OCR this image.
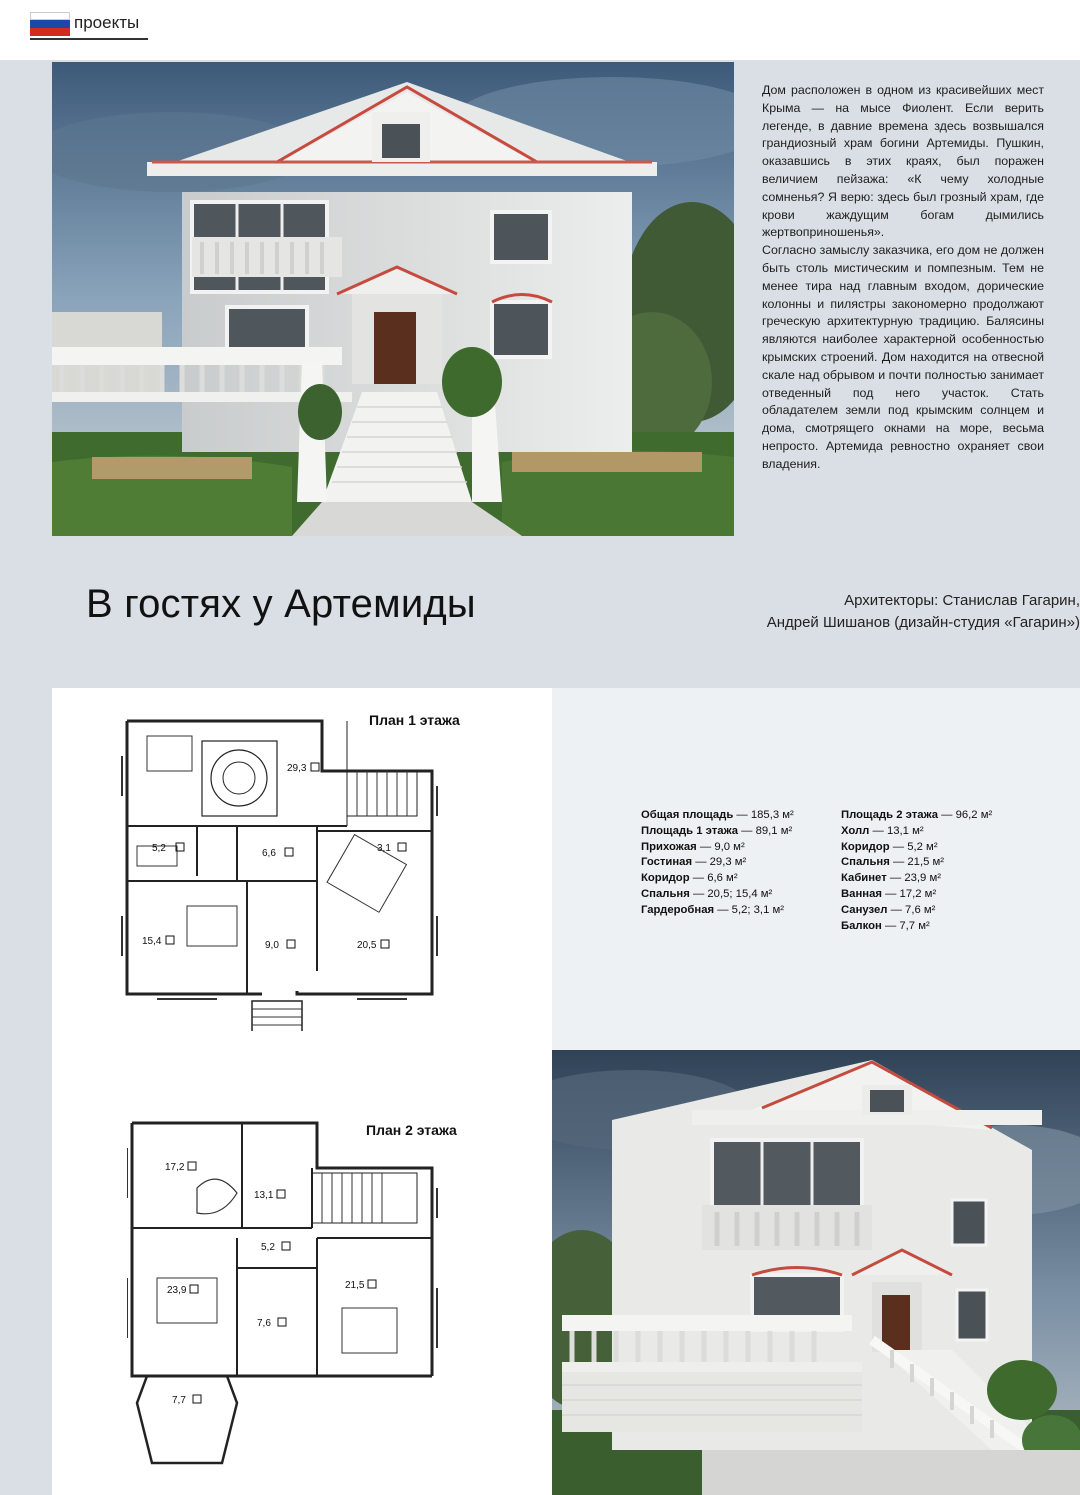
проекты

Дом расположен в одном из красивейших мест Крыма — на мысе Фиолент. Если верить легенде, в давние времена здесь возвышался грандиозный храм богини Артемиды. Пушкин, оказавшись в этих краях, был поражен величием пейзажа: «К чему холодные сомненья? Я верю: здесь был грозный храм, где крови жаждущим богам дымились жертвоприношенья».

Согласно замыслу заказчика, его дом не должен быть столь мистическим и помпезным. Тем не менее тира над главным входом, дорические колонны и пилястры закономерно продолжают греческую архитектурную традицию. Балясины являются наиболее характерной особенностью крымских строений. Дом находится на отвесной скале над обрывом и почти полностью занимает отведенный под него участок. Стать обладателем земли под крымским солнцем и дома, смотрящего окнами на море, весьма непросто. Артемида ревностно охраняет свои владения.

В гостях у Артемиды	Архитекторы: Станислав Гагарин,
Андрей Шишанов (дизайн-студия «Гагарин»)
План 1 этажа
29,3
5,2	6,6	3,1
15,4	9,0	20,5
План 2 этажа
17,2
13,1
5,2
23,9	21,5
7,6
7,7
Общая площадь — 185,3 м²
Площадь 1 этажа — 89,1 м²
Прихожая — 9,0 м²
Гостиная — 29,3 м²
Коридор — 6,6 м²
Спальня — 20,5; 15,4 м²
Гардеробная — 5,2; 3,1 м²
Площадь 2 этажа — 96,2 м²
Холл — 13,1 м²
Коридор — 5,2 м²
Спальня — 21,5 м²
Кабинет — 23,9 м²
Ванная — 17,2 м²
Санузел — 7,6 м²
Балкон — 7,7 м²
